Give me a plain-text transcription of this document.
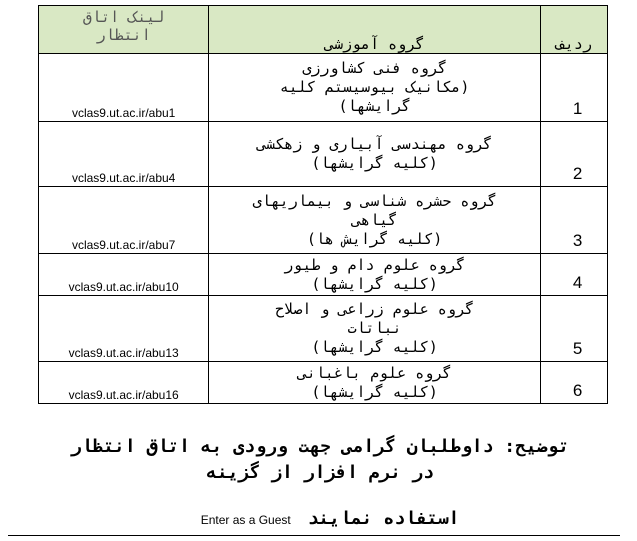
ردیف	گروه آموزشی	لینک اتاق
انتظار

1	گروه فنی کشاورزی
(مکانیک بیوسیستم کلیه
گرایشها)	vclas9.ut.ac.ir/abu1
2	گروه مهندسی آبیاری و زهکشی
(کلیه گرایشها)	vclas9.ut.ac.ir/abu4
3	گروه حشره شناسی و بیماریهای
گیاهی
(کلیه گرایش ها)	vclas9.ut.ac.ir/abu7
4	گروه علوم دام و طیور
(کلیه گرایشها)	vclas9.ut.ac.ir/abu10
5	گروه علوم زراعی و اصلاح
نباتات
(کلیه گرایشها)	vclas9.ut.ac.ir/abu13
6	گروه علوم باغبانی
(کلیه گرایشها)	vclas9.ut.ac.ir/abu16
توضیح: داوطلبان گرامی جهت ورودی به اتاق انتظار
در نرم افزار از گزینه
استفاده نمایند Enter as a Guest
